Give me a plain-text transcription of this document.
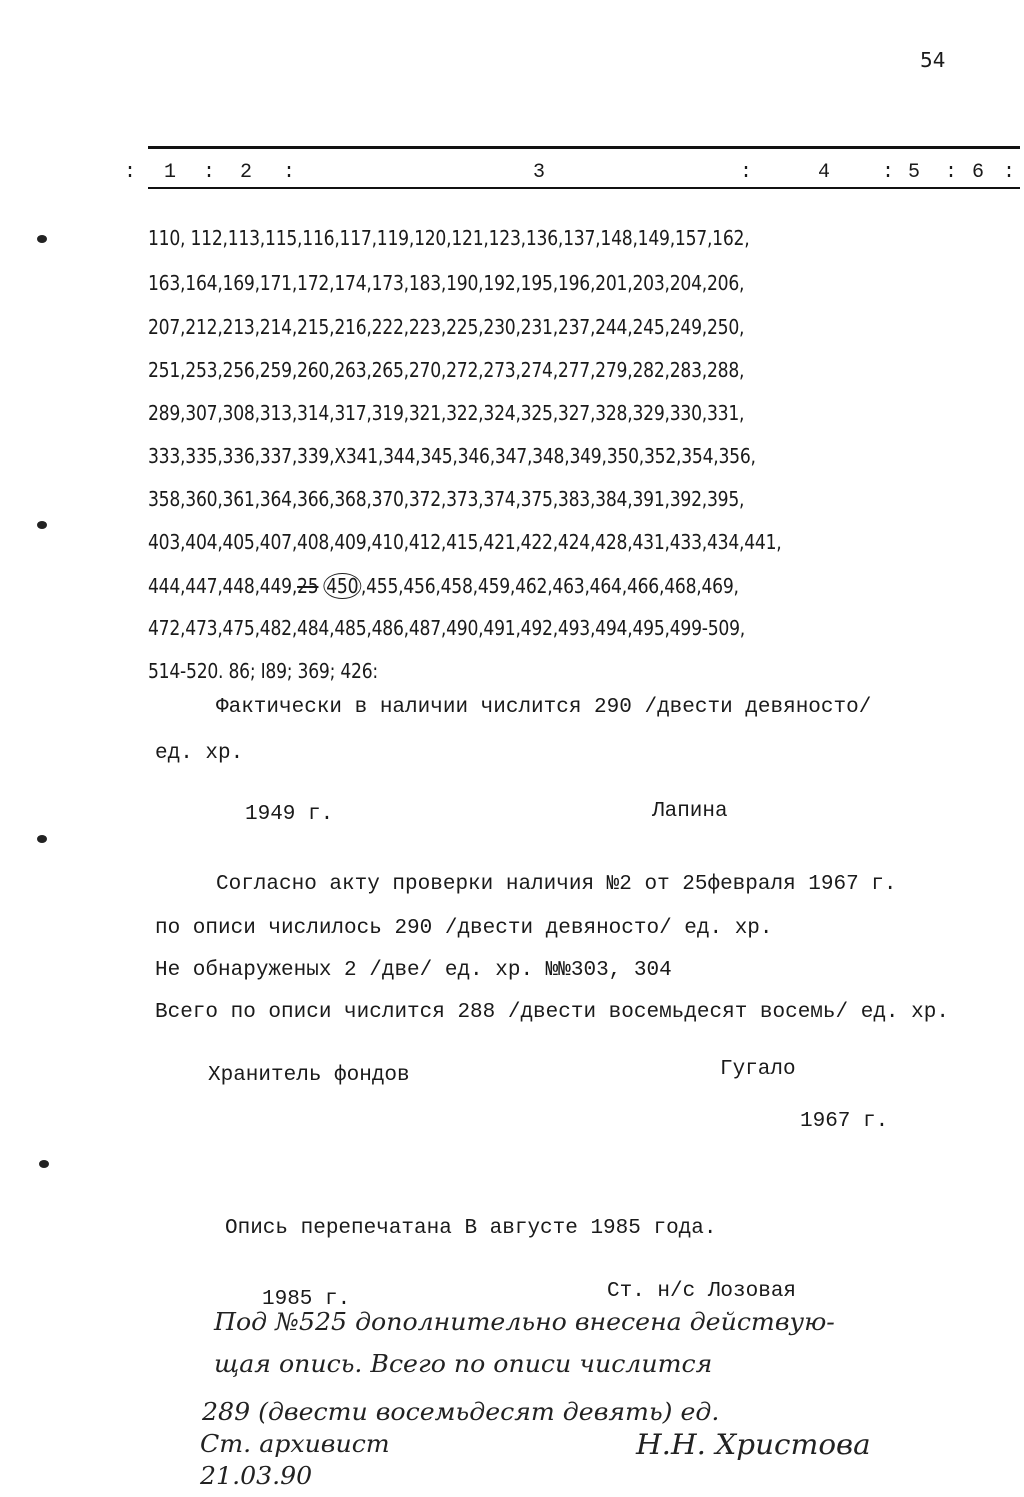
54
: 1 : 2 :	3	:	4	: 5 : 6 :
110, 112,113,115,116,117,119,120,121,123,136,137,148,149,157,162,
163,164,169,171,172,174,173,183,190,192,195,196,201,203,204,206,
207,212,213,214,215,216,222,223,225,230,231,237,244,245,249,250,
251,253,256,259,260,263,265,270,272,273,274,277,279,282,283,288,
289,307,308,313,314,317,319,321,322,324,325,327,328,329,330,331,
333,335,336,337,339,X341,344,345,346,347,348,349,350,352,354,356,
358,360,361,364,366,368,370,372,373,374,375,383,384,391,392,395,
403,404,405,407,408,409,410,412,415,421,422,424,428,431,433,434,441,
444,447,448,449,25 450 ,455,456,458,459,462,463,464,466,468,469,
472,473,475,482,484,485,486,487,490,491,492,493,494,495,499-509,
514-520. 86; I89; 369; 426:
Фактически в наличии числится 290 /двести девяносто/
ед. хр.
1949 г.	Лапина
Согласно акту проверки наличия №2 от 25февраля 1967 г.
по описи числилось 290 /двести девяносто/ ед. хр.
Не обнаруженых 2 /две/ ед. хр. №№303, 304
Всего по описи числится 288 /двести восемьдесят восемь/ ед. хр.
Хранитель фондов	Гугало
1967 г.
Опись перепечатана В августе 1985 года.
1985 г.	Ст. н/с Лозовая
Под №525 дополнительно внесена действую-
щая опись. Всего по описи числится
289 (двести восемьдесят девять) ед.
Ст. архивист	Н.Н. Христова
21.03.90
